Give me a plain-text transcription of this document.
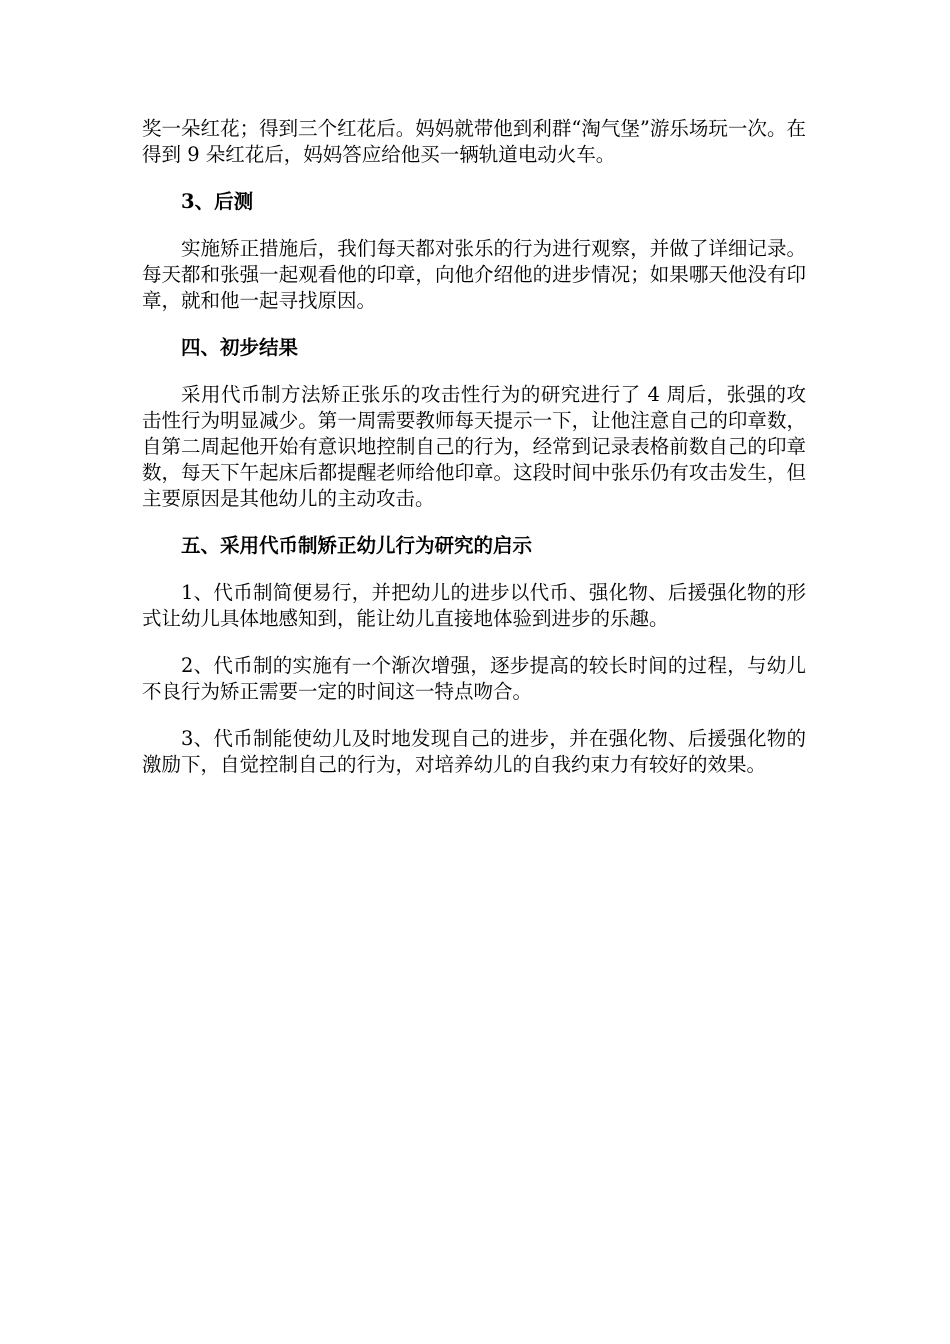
奖一朵红花；得到三个红花后。妈妈就带他到利群“淘气堡”游乐场玩一次。在得到 9 朵红花后，妈妈答应给他买一辆轨道电动火车。

3、后测

实施矫正措施后，我们每天都对张乐的行为进行观察，并做了详细记录。每天都和张强一起观看他的印章，向他介绍他的进步情况；如果哪天他没有印章，就和他一起寻找原因。

四、初步结果

采用代币制方法矫正张乐的攻击性行为的研究进行了 4 周后，张强的攻击性行为明显减少。第一周需要教师每天提示一下，让他注意自己的印章数，自第二周起他开始有意识地控制自己的行为，经常到记录表格前数自己的印章数，每天下午起床后都提醒老师给他印章。这段时间中张乐仍有攻击发生，但主要原因是其他幼儿的主动攻击。

五、采用代币制矫正幼儿行为研究的启示

1、代币制简便易行，并把幼儿的进步以代币、强化物、后援强化物的形式让幼儿具体地感知到，能让幼儿直接地体验到进步的乐趣。

2、代币制的实施有一个渐次增强，逐步提高的较长时间的过程，与幼儿不良行为矫正需要一定的时间这一特点吻合。

3、代币制能使幼儿及时地发现自己的进步，并在强化物、后援强化物的激励下，自觉控制自己的行为，对培养幼儿的自我约束力有较好的效果。
